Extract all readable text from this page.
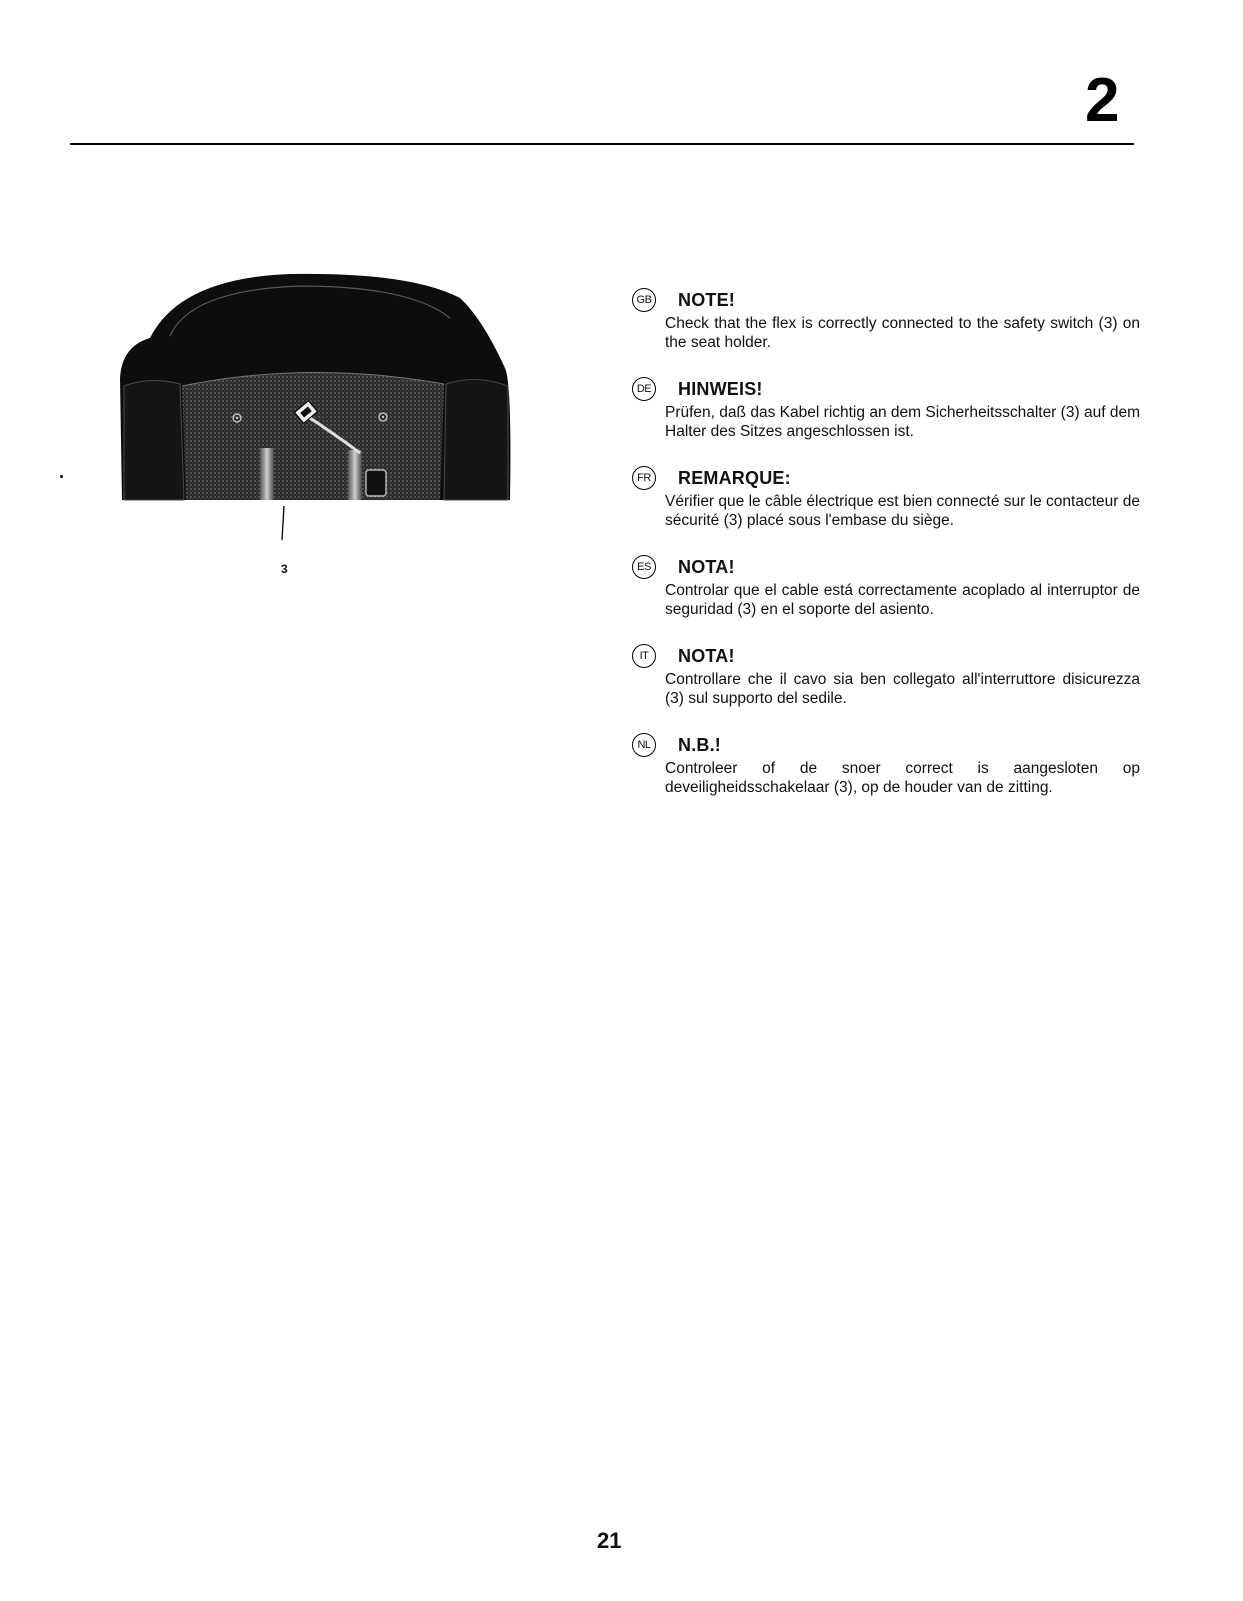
2
3
GB NOTE!
Check that the flex is correctly connected to the safety switch (3) on the seat holder.
DE HINWEIS!
Prüfen, daß das Kabel richtig an dem Sicherheitsschalter (3) auf dem Halter des Sitzes angeschlossen ist.
FR REMARQUE:
Vérifier que le câble électrique est bien connecté sur le contacteur de sécurité (3) placé sous l'embase du siège.
ES NOTA!
Controlar que el cable está correctamente acoplado al interruptor de seguridad (3) en el soporte del asiento.
IT	NOTA!
Controllare che il cavo sia ben collegato all'interruttore disicurezza (3) sul supporto del sedile.
NL	N.B.!
Controleer of de snoer correct is aangesloten op deveiligheidsschakelaar (3), op de houder van de zitting.
21
